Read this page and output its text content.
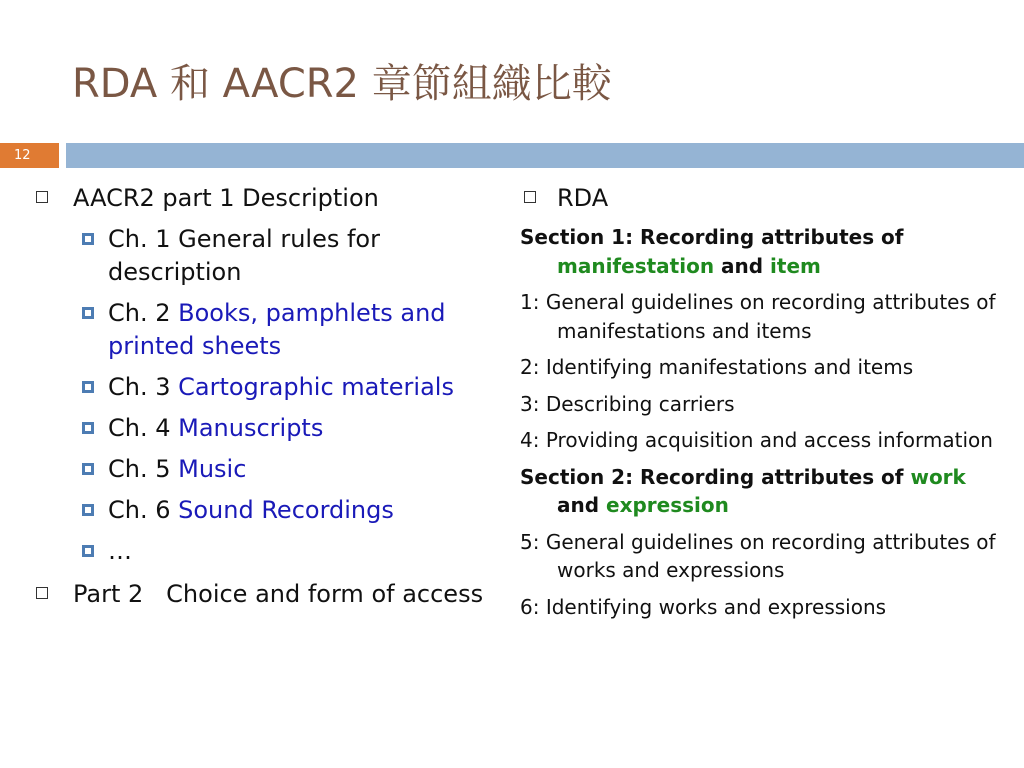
RDA 和 AACR2 章節組織比較
12
AACR2 part 1 Description
Ch. 1 General rules for description
Ch. 2 Books, pamphlets and printed sheets
Ch. 3 Cartographic materials
Ch. 4 Manuscripts
Ch. 5 Music
Ch. 6 Sound Recordings
…
Part 2   Choice and form of access
RDA
Section 1: Recording attributes of manifestation and item
1: General guidelines on recording attributes of manifestations and items
2: Identifying manifestations and items
3: Describing carriers
4: Providing acquisition and access information
Section 2: Recording attributes of work and expression
5: General guidelines on recording attributes of works and expressions
6: Identifying works and expressions
